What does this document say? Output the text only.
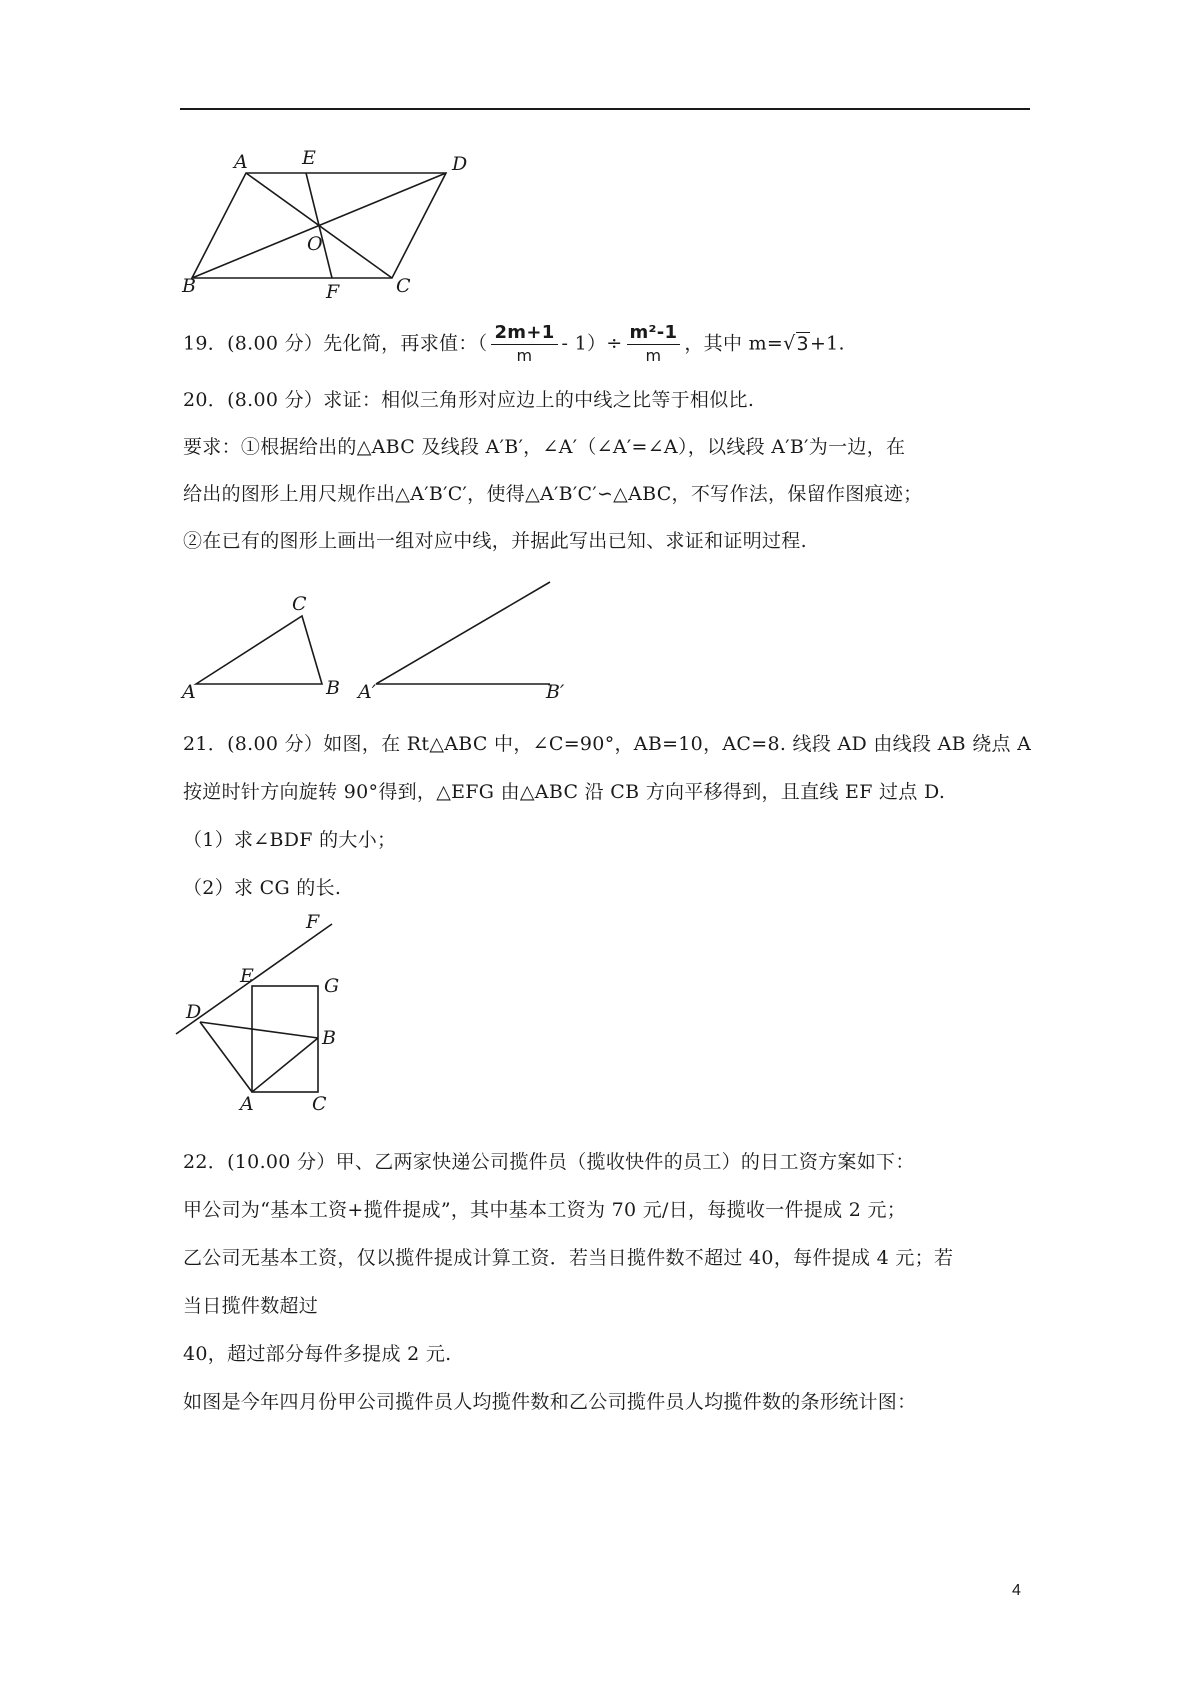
A	E	D
O
B	F	C
19．(8.00 分）先化简，再求值：（ $\frac{2m+1}{m} - 1)\div \frac{\text{m²-1}}{m}$ ，其中 m=√3+1.
20．(8.00 分）求证：相似三角形对应边上的中线之比等于相似比.
要求：①根据给出的△ABC 及线段 A′B′，∠A′（∠A′=∠A），以线段 A′B′为一边，在
给出的图形上用尺规作出△A′B′C′，使得△A′B′C′∽△ABC，不写作法，保留作图痕迹；
②在已有的图形上画出一组对应中线，并据此写出已知、求证和证明过程.
C
A	B A′	B′
21．(8.00 分）如图，在 Rt△ABC 中，∠C=90°，AB=10，AC=8. 线段 AD 由线段 AB 绕点 A
按逆时针方向旋转 90°得到，△EFG 由△ABC 沿 CB 方向平移得到，且直线 EF 过点 D.
（1）求∠BDF 的大小；
（2）求 CG 的长.
F
E	G
D
B
A	C
22．(10.00 分）甲、乙两家快递公司揽件员（揽收快件的员工）的日工资方案如下：
甲公司为“基本工资+揽件提成”，其中基本工资为 70 元/日，每揽收一件提成 2 元；
乙公司无基本工资，仅以揽件提成计算工资．若当日揽件数不超过 40，每件提成 4 元；若
当日揽件数超过
40，超过部分每件多提成 2 元.
如图是今年四月份甲公司揽件员人均揽件数和乙公司揽件员人均揽件数的条形统计图：
4
